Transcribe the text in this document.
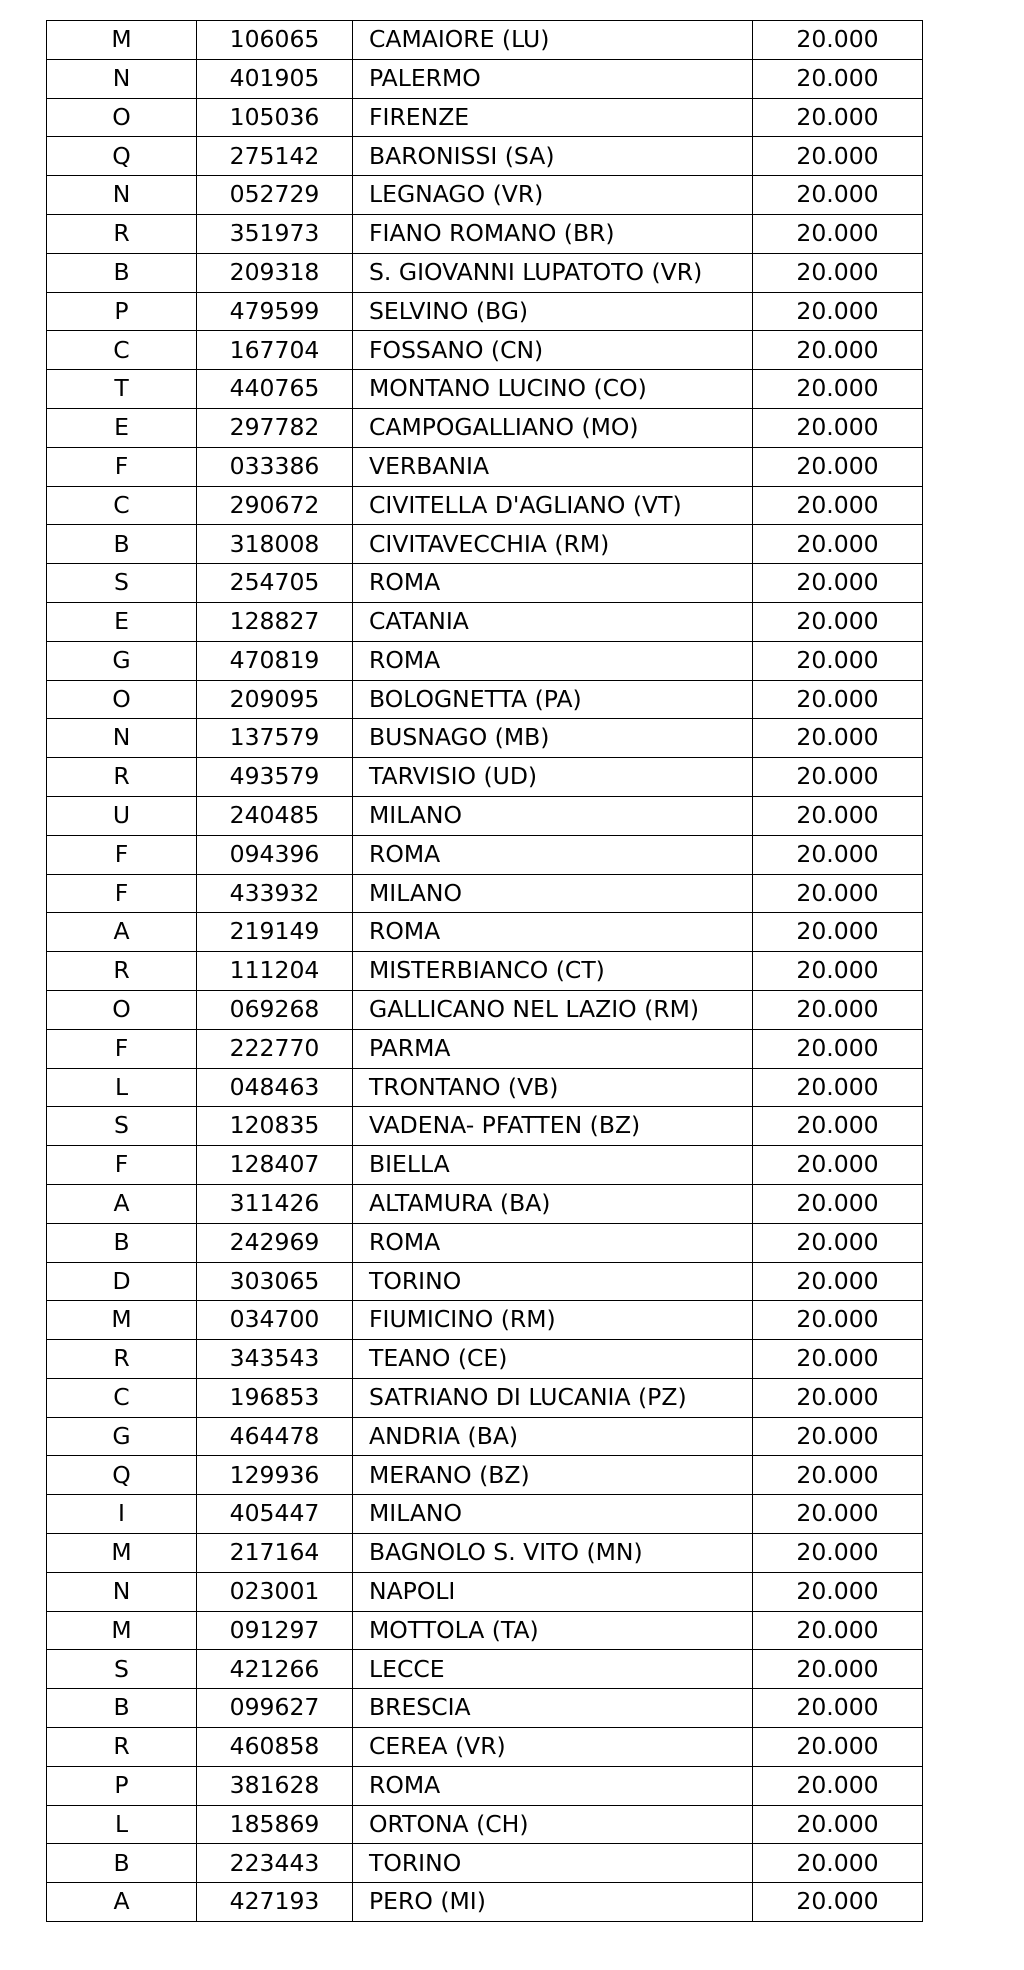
M	106065	CAMAIORE (LU)	20.000
N	401905	PALERMO	20.000
O	105036	FIRENZE	20.000
Q	275142	BARONISSI (SA)	20.000
N	052729	LEGNAGO (VR)	20.000
R	351973	FIANO ROMANO (BR)	20.000
B	209318	S. GIOVANNI LUPATOTO (VR)	20.000
P	479599	SELVINO (BG)	20.000
C	167704	FOSSANO (CN)	20.000
T	440765	MONTANO LUCINO (CO)	20.000
E	297782	CAMPOGALLIANO (MO)	20.000
F	033386	VERBANIA	20.000
C	290672	CIVITELLA D'AGLIANO (VT)	20.000
B	318008	CIVITAVECCHIA (RM)	20.000
S	254705	ROMA	20.000
E	128827	CATANIA	20.000
G	470819	ROMA	20.000
O	209095	BOLOGNETTA (PA)	20.000
N	137579	BUSNAGO (MB)	20.000
R	493579	TARVISIO (UD)	20.000
U	240485	MILANO	20.000
F	094396	ROMA	20.000
F	433932	MILANO	20.000
A	219149	ROMA	20.000
R	111204	MISTERBIANCO (CT)	20.000
O	069268	GALLICANO NEL LAZIO (RM)	20.000
F	222770	PARMA	20.000
L	048463	TRONTANO (VB)	20.000
S	120835	VADENA- PFATTEN (BZ)	20.000
F	128407	BIELLA	20.000
A	311426	ALTAMURA (BA)	20.000
B	242969	ROMA	20.000
D	303065	TORINO	20.000
M	034700	FIUMICINO (RM)	20.000
R	343543	TEANO (CE)	20.000
C	196853	SATRIANO DI LUCANIA (PZ)	20.000
G	464478	ANDRIA (BA)	20.000
Q	129936	MERANO (BZ)	20.000
I	405447	MILANO	20.000
M	217164	BAGNOLO S. VITO (MN)	20.000
N	023001	NAPOLI	20.000
M	091297	MOTTOLA (TA)	20.000
S	421266	LECCE	20.000
B	099627	BRESCIA	20.000
R	460858	CEREA (VR)	20.000
P	381628	ROMA	20.000
L	185869	ORTONA (CH)	20.000
B	223443	TORINO	20.000
A	427193	PERO (MI)	20.000
